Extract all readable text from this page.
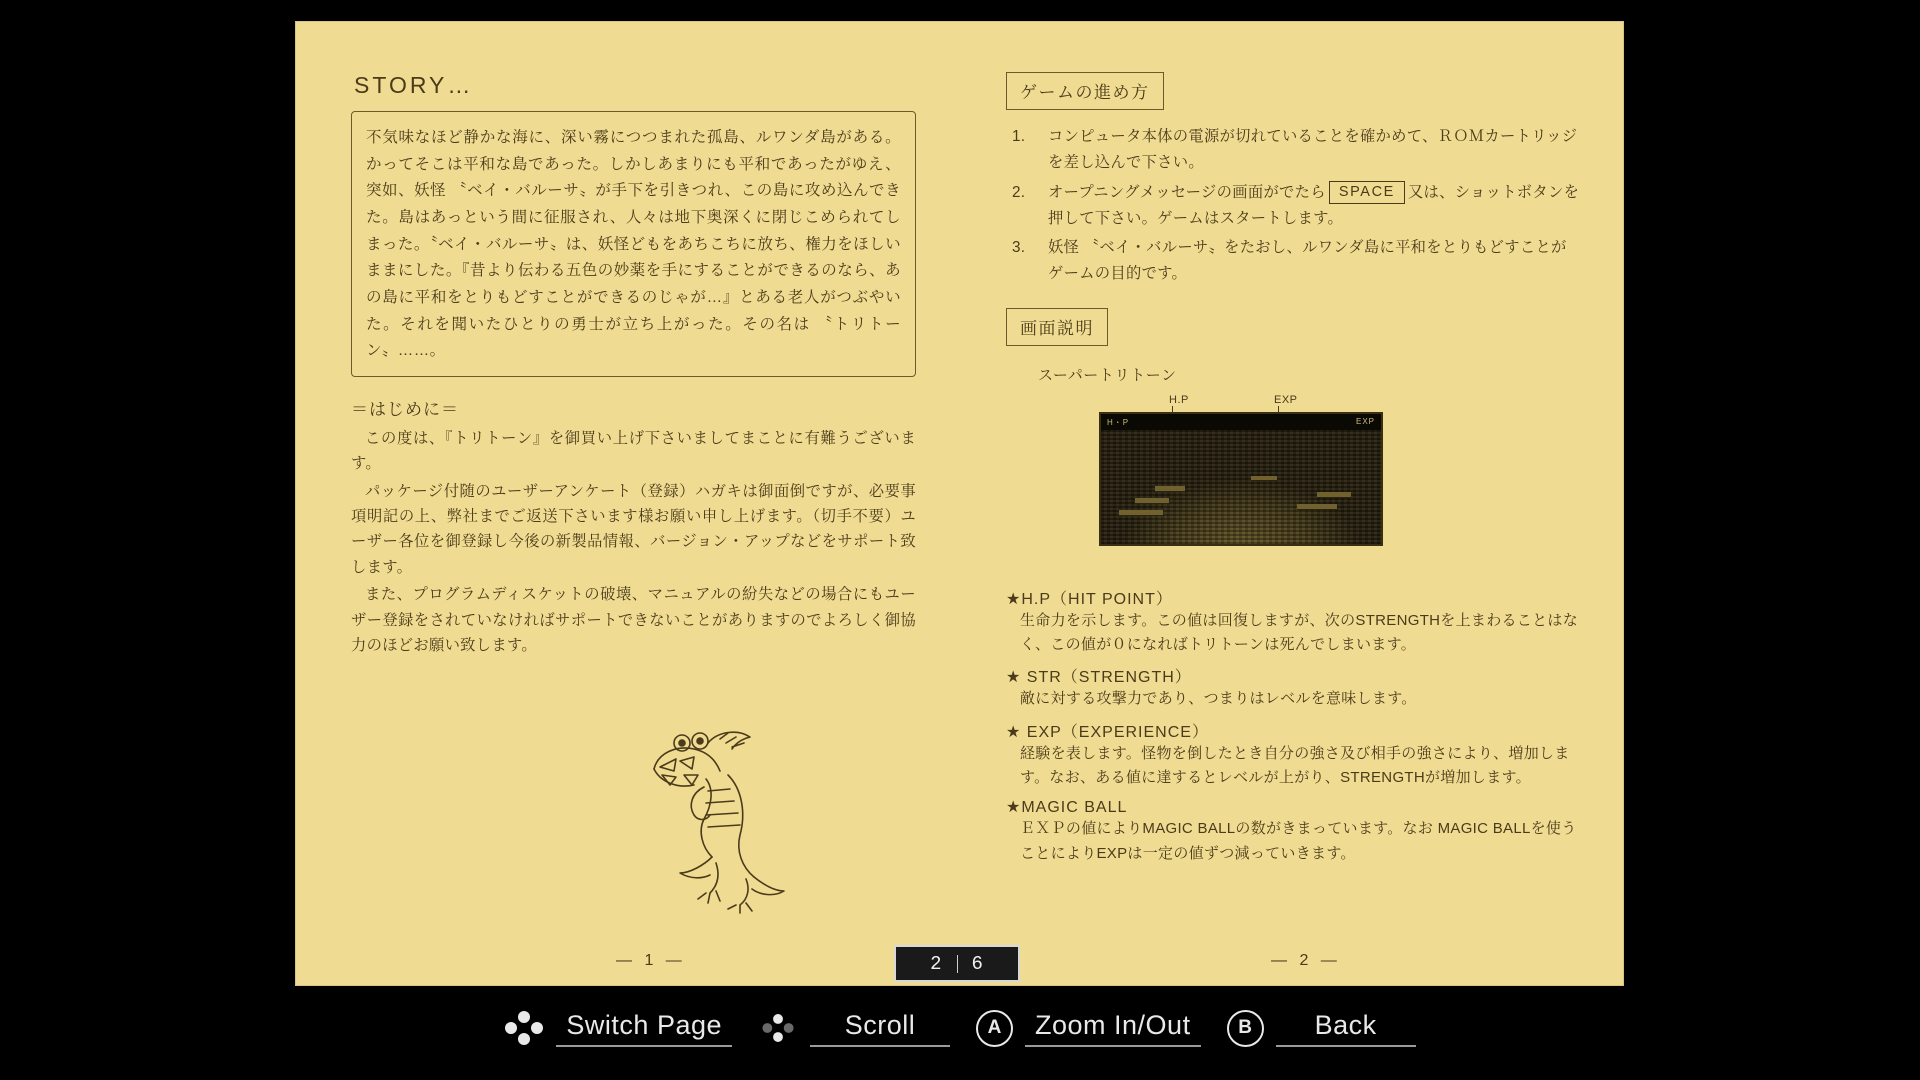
STORY…

不気味なほど静かな海に、深い霧につつまれた孤島、ルワンダ島がある。かってそこは平和な島であった。しかしあまりにも平和であったがゆえ、突如、妖怪 〝ベイ・バルーサ〟が手下を引きつれ、この島に攻め込んできた。島はあっという間に征服され、人々は地下奥深くに閉じこめられてしまった。〝ベイ・バルーサ〟は、妖怪どもをあちこちに放ち、権力をほしいままにした。『昔より伝わる五色の妙薬を手にすることができるのなら、あの島に平和をとりもどすことができるのじゃが…』とある老人がつぶやいた。それを聞いたひとりの勇士が立ち上がった。その名は 〝トリトーン〟……。

＝はじめに＝

この度は、『トリトーン』を御買い上げ下さいましてまことに有難うございます。

パッケージ付随のユーザーアンケート（登録）ハガキは御面倒ですが、必要事項明記の上、弊社までご返送下さいます様お願い申し上げます。（切手不要）ユーザー各位を御登録し今後の新製品情報、バージョン・アップなどをサポート致します。

また、プログラムディスケットの破壊、マニュアルの紛失などの場合にもユーザー登録をされていなければサポートできないことがありますのでよろしく御協力のほどお願い致します。

— 1 —
ゲームの進め方
1. コンピュータ本体の電源が切れていることを確かめて、ＲＯＭカートリッジを差し込んで下さい。
2. オープニングメッセージの画面がでたら SPACE 又は、ショットボタンを押して下さい。ゲームはスタートします。
3. 妖怪 〝ベイ・バルーサ〟をたおし、ルワンダ島に平和をとりもどすことがゲームの目的です。
画面説明
スーパートリトーン
H.P	EXP
H・P	EXP
★H.P（HIT POINT）
生命力を示します。この値は回復しますが、次のSTRENGTHを上まわることはなく、この値が０になればトリトーンは死んでしまいます。
★ STR（STRENGTH）
敵に対する攻撃力であり、つまりはレベルを意味します。
★ EXP（EXPERIENCE）
経験を表します。怪物を倒したとき自分の強さ及び相手の強さにより、増加します。なお、ある値に達するとレベルが上がり、STRENGTHが増加します。
★MAGIC BALL
ＥＸＰの値によりMAGIC BALLの数がきまっています。なお MAGIC BALLを使うことによりEXPは一定の値ずつ減っていきます。
— 2 —
2 6
Switch Page	Scroll	A	Zoom In/Out	B	Back
